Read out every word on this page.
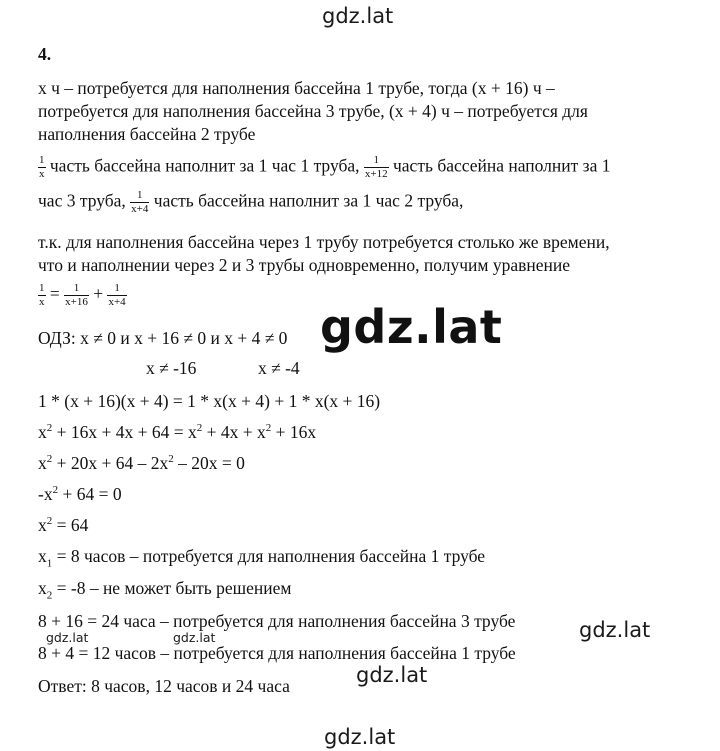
gdz.lat
gdz.lat
gdz.lat
gdz.lat	gdz.lat
gdz.lat
gdz.lat
4.
х ч – потребуется для наполнения бассейна 1 трубе, тогда (х + 16) ч –
потребуется для наполнения бассейна 3 трубе, (х + 4) ч – потребуется для
наполнения бассейна 2 трубе
$\frac{1}{x}$ часть бассейна наполнит за 1 час 1 труба, $\frac{1}{x+12}$ часть бассейна наполнит за 1
час 3 труба, $\frac{1}{x+4}$ часть бассейна наполнит за 1 час 2 труба,
т.к. для наполнения бассейна через 1 трубу потребуется столько же времени,
что и наполнении через 2 и 3 трубы одновременно, получим уравнение
$\frac{1}{x} = \frac{1}{x+16} + \frac{1}{x+4}$
ОДЗ: х ≠ 0 и х + 16 ≠ 0 и х + 4 ≠ 0
х ≠ -16	х ≠ -4
1 * (х + 16)(х + 4) = 1 * х(х + 4) + 1 * х(х + 16)
$х^2 + 16х + 4х + 64 = х^2 + 4х + х^2 + 16х$
$х^2 + 20х + 64 - 2х^2 - 20х = 0$
$-х^2 + 64 = 0$
$х^2 = 64$
$х_1 = 8$ часов – потребуется для наполнения бассейна 1 трубе
$х_2 = -8$ – не может быть решением
8 + 16 = 24 часа – потребуется для наполнения бассейна 3 трубе
8 + 4 = 12 часов – потребуется для наполнения бассейна 1 трубе
Ответ: 8 часов, 12 часов и 24 часа
